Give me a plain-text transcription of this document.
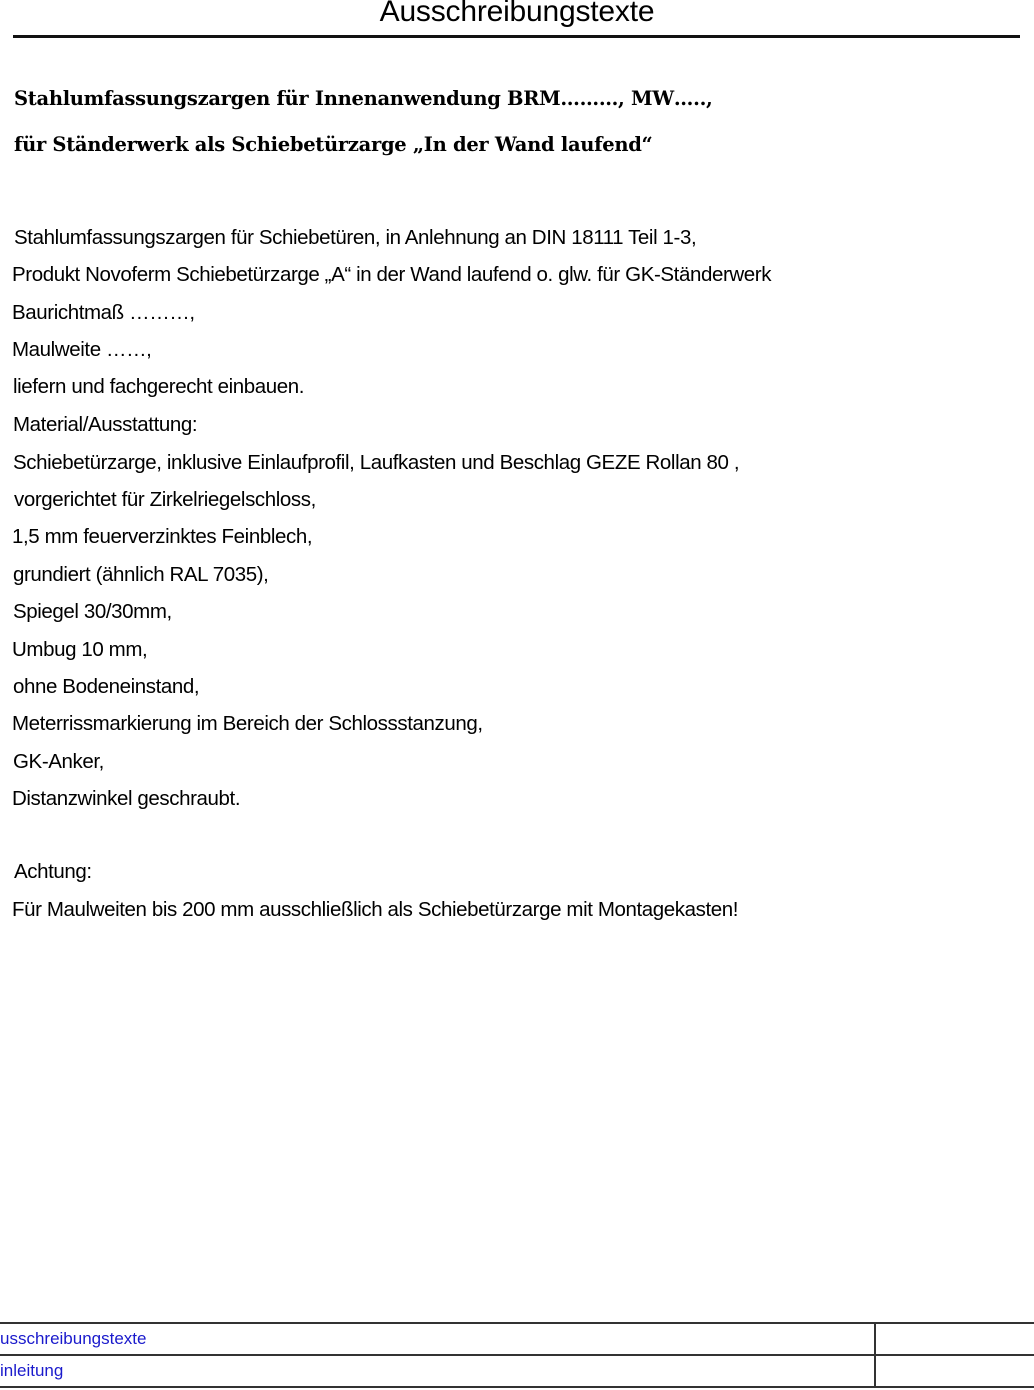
Ausschreibungstexte
Stahlumfassungszargen für Innenanwendung BRM………, MW…..,
für Ständerwerk als Schiebetürzarge „In der Wand laufend“
Stahlumfassungszargen für Schiebetüren, in Anlehnung an DIN 18111 Teil 1-3,
Produkt Novoferm Schiebetürzarge „A“ in der Wand laufend o. glw. für GK-Ständerwerk
Baurichtmaß ………,
Maulweite ……,
liefern und fachgerecht einbauen.
Material/Ausstattung:
Schiebetürzarge, inklusive Einlaufprofil, Laufkasten und Beschlag GEZE Rollan 80 ,
vorgerichtet für Zirkelriegelschloss,
1,5 mm feuerverzinktes Feinblech,
grundiert (ähnlich RAL 7035),
Spiegel 30/30mm,
Umbug 10 mm,
ohne Bodeneinstand,
Meterrissmarkierung im Bereich der Schlossstanzung,
GK-Anker,
Distanzwinkel geschraubt.
Achtung:
Für Maulweiten bis 200 mm ausschließlich als Schiebetürzarge mit Montagekasten!
usschreibungstexte	
inleitung	
